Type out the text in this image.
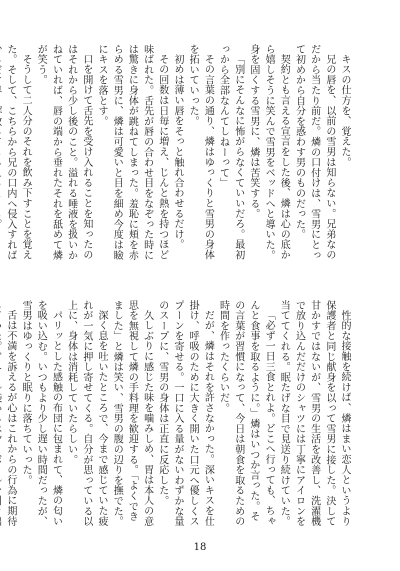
キスの仕方を、覚えた。

兄の唇を、以前の雪男は知らない。兄弟なのだから当たり前だ。燐の口付けは、雪男にとって初めから自分を惑わす男のものだった。

契約とも言える宣言をした後、燐は心の底から嬉しそうに笑んで雪男をベッドへと導いた。身を固くする雪男に、燐は苦笑する。

「別にそんなに怖がらなくていいだろ。最初っから全部なんてしねーって」

その言葉の通り、燐はゆっくりと雪男の身体を拓いていった。

初めは薄い唇をそっと触れ合わせるだけ。

その回数は日毎に増え、じんと熱を持つほど味ばれた。舌先が唇の合わせ目をなぞった時には驚きに身体が跳ねてしまった。羞恥に頬を赤らめる雪男に、燐は可愛いと目を細め今度は瞼にキスを落とす。

口を開けて舌先を受け入れることを知ったのはそれから少し後のこと。溢れる唾液を扱いかねていれば、唇の端から垂れたそれを舐めて燐が笑う。

そうして二人分のそれを飲み下すことを覚えた。そして、こちらから兄の口内へ侵入すれば

性的な接触を続けば、燐はまい恋人というより保護者と同じ献身を以って雪男に接した。決して甘かすではないが、雪男の生活を改善し、洗濯機で放り込んだだけのシャツには丁寧にアイロンを当ててくれる。眠たげな目で見送り続けていた。

「必ず一日三食とれよ。どこへ行っても、ちゃんと食事を取るように。」燐はいつか言った。その言葉が習慣になって、今日は朝食を取るための時間を作ったくらいだ。

だが、燐はそれを許さなかった。深いキスを仕掛け、呼吸のために大きく開いた口元へ優しくスプーンを寄せる。一口に入る量がないわずかな量のスープに、雪男の身体は正直に反応した。

久しぶりに感じた味を噛みしめ、胃は本人の意思を無視して燐の手料理を歓迎する。「よくできました」と燐は笑い、雪男の腹の辺りを撫でた。

深く息を吐いたところで、今まで感じていた疲れが一気に押し寄せてくる。自分が思っている以上に、身体は消耗していたらしい。

パリッとした感触の布団に包まれて、燐の匂いを吸い込む。いつもより少し遅い時間だったが、雪男はゆっくりと眠りに落ちていった。

舌は不満を訴えるが心はこれからの行為に期待

18
